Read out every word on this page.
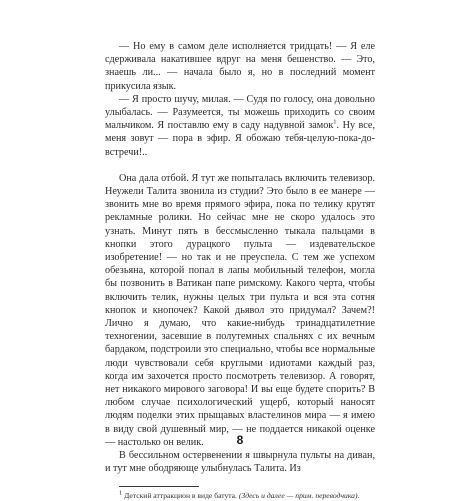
— Но ему в самом деле исполняется тридцать! — Я еле сдерживала накатившее вдруг на меня бешенство. — Это, знаешь ли... — начала было я, но в последний момент прикусила язык.

— Я просто шучу, милая. — Судя по голосу, она довольно улыбалась. — Разумеется, ты можешь приходить со своим мальчиком. Я поставлю ему в саду надувной замок$^1$. Ну все, меня зовут — пора в эфир. Я обожаю тебя-целую-пока-до-встречи!..

Она дала отбой. Я тут же попыталась включить телевизор. Неужели Талита звонила из студии? Это было в ее манере — звонить мне во время прямого эфира, пока по телику крутят рекламные ролики. Но сейчас мне не скоро удалось это узнать. Минут пять в бессмысленно тыкала пальцами в кнопки этого дурацкого пульта — издевательское изобретение! — но так и не преуспела. С тем же успехом обезьяна, которой попал в лапы мобильный телефон, могла бы позвонить в Ватикан папе римскому. Какого черта, чтобы включить телик, нужны целых три пульта и вся эта сотня кнопок и кнопочек? Какой дьявол это придумал? Зачем?! Лично я думаю, что какие-нибудь тринадцатилетние техногении, засевшие в полутемных спальнях с их вечным бардаком, подстроили это специально, чтобы все нормальные люди чувствовали себя круглыми идиотами каждый раз, когда им захочется просто посмотреть телевизор. А говорят, нет никакого мирового заговора! И вы еще будете спорить? В любом случае психологический ущерб, который наносят людям поделки этих прыщавых властелинов мира — я имею в виду свой душевный мир, — не поддается никакой оценке — настолько он велик.

В бессильном остервенении я швырнула пульты на диван, и тут мне ободряюще улыбнулась Талита. Из

$^1$ Детский аттракцион в виде батута. (Здесь и далее — прим. переводчика).

8
